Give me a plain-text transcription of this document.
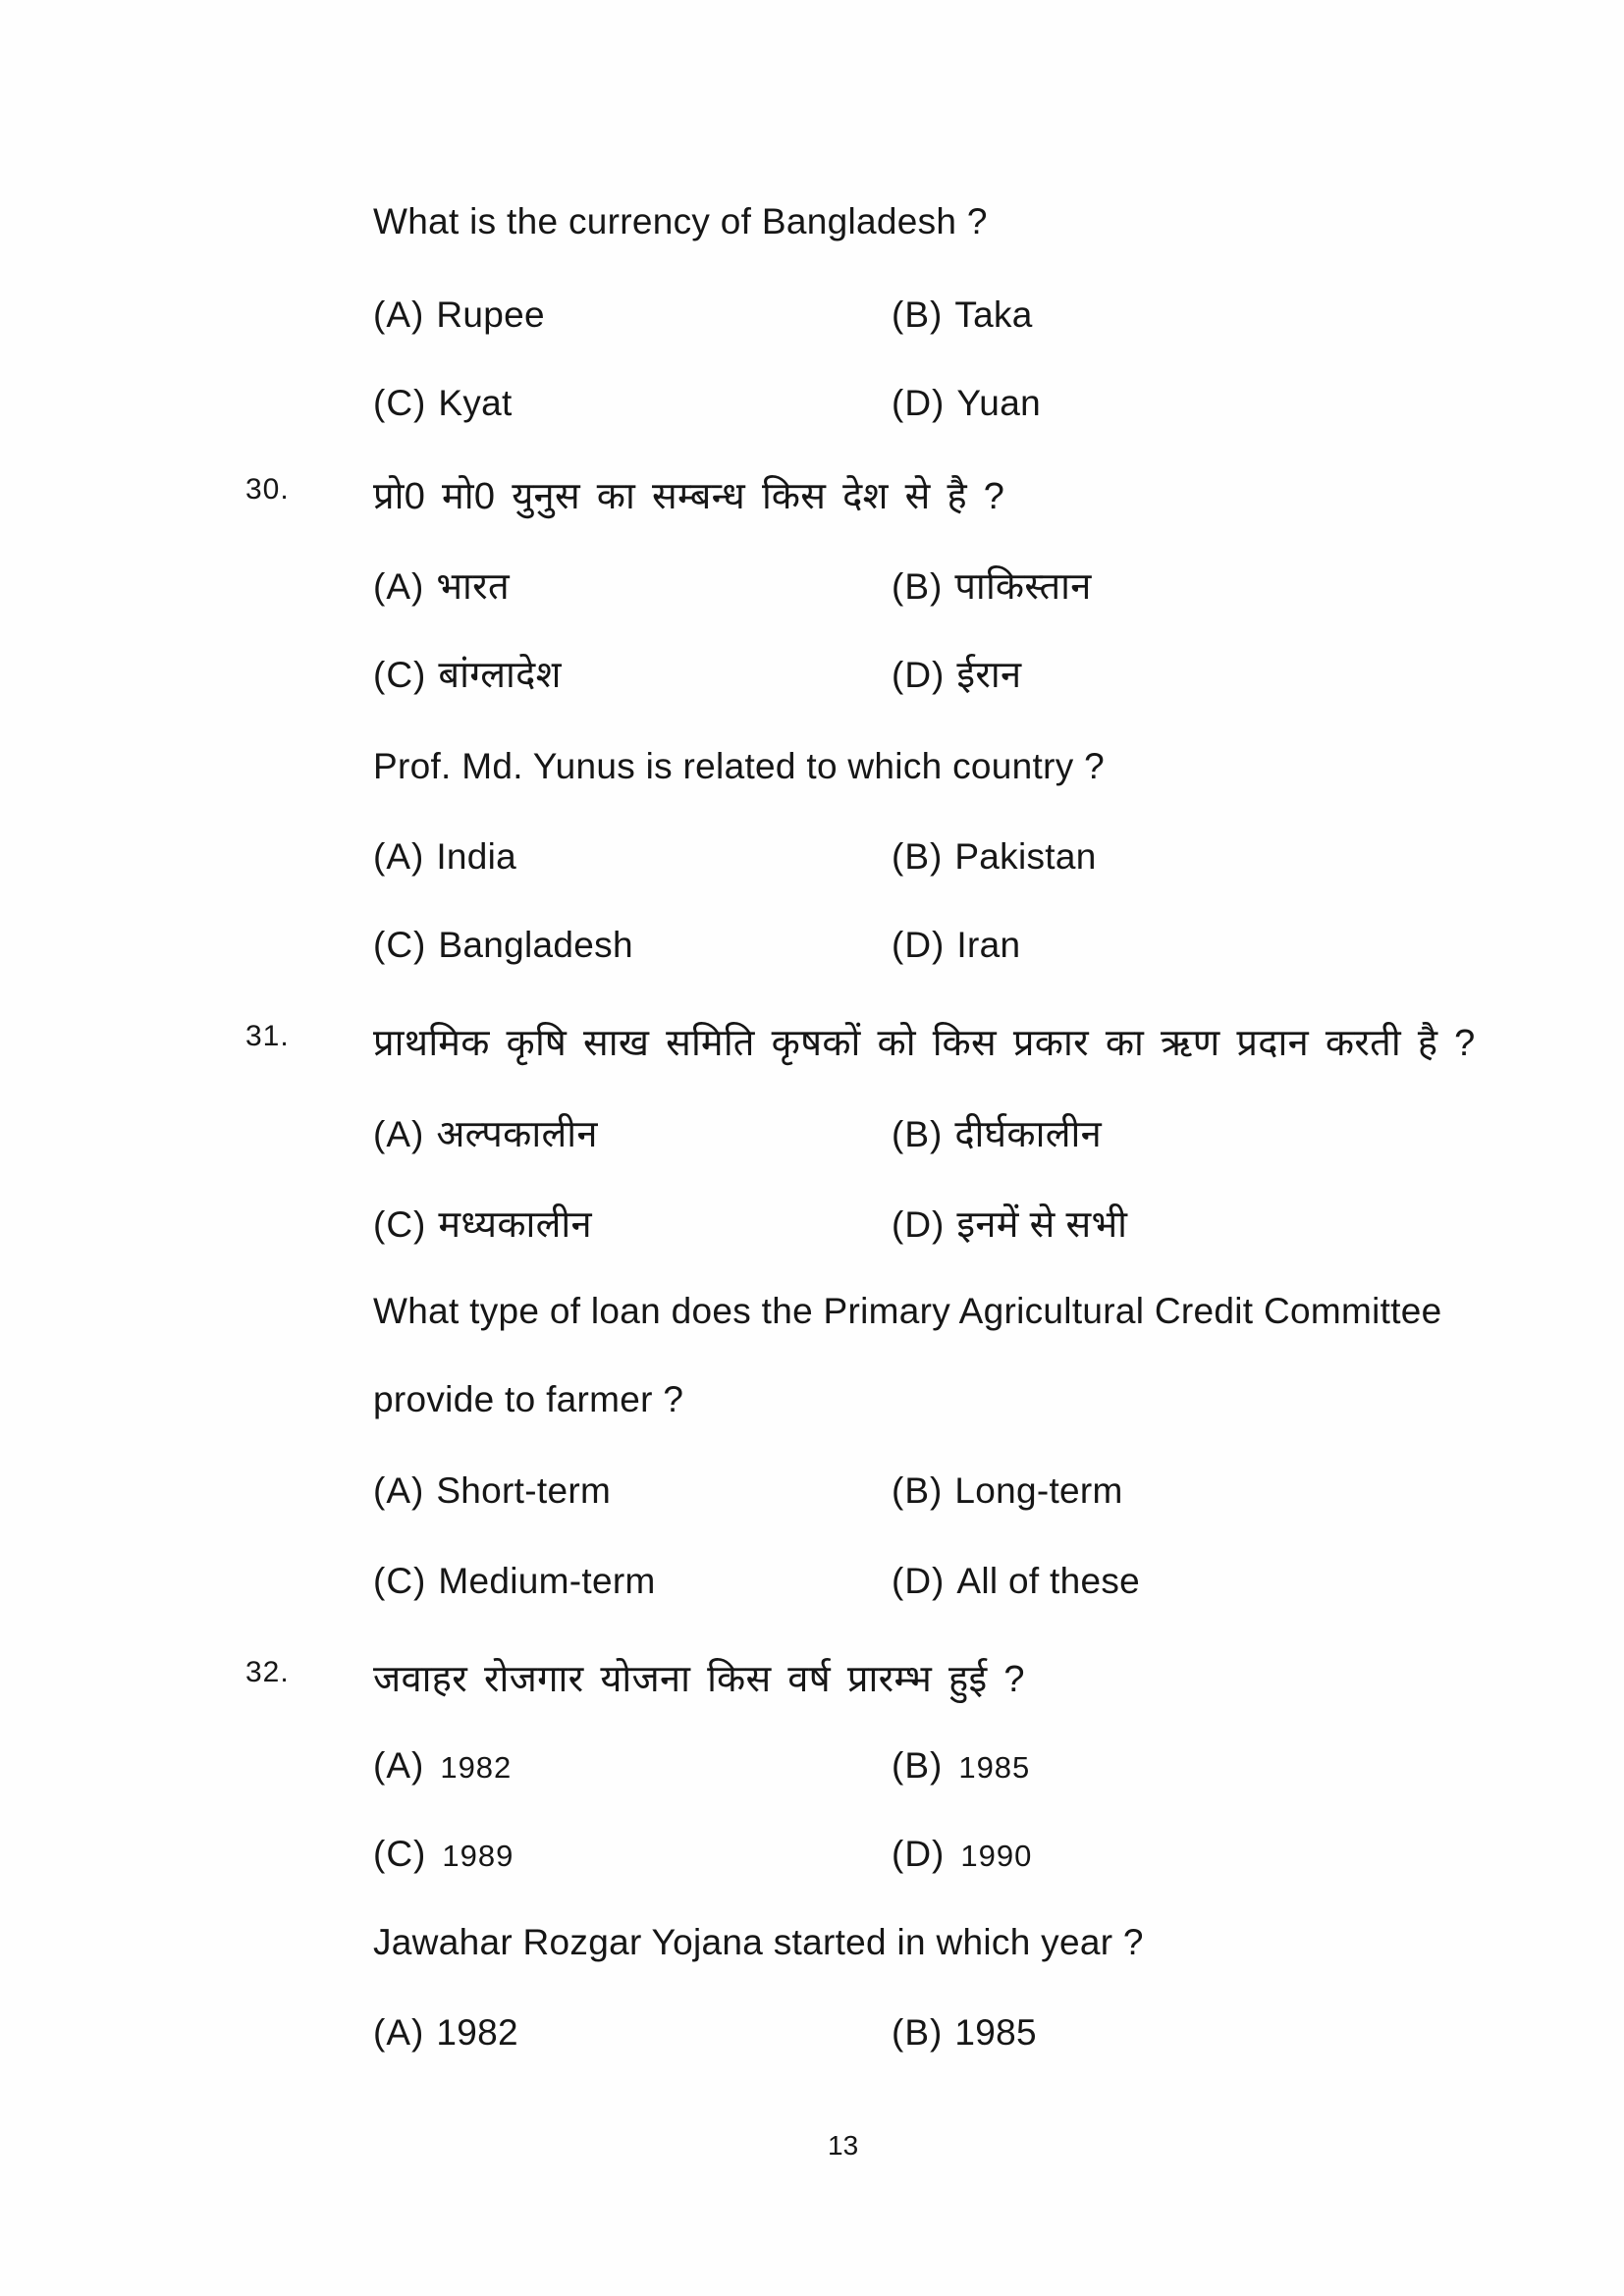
What is the currency of Bangladesh ?
(A) Rupee	(B) Taka
(C) Kyat	(D) Yuan
30. प्रो0 मो0 युनुस का सम्बन्ध किस देश से है ?
(A) भारत	(B) पाकिस्तान
(C) बांग्लादेश	(D) ईरान
Prof. Md. Yunus is related to which country ?
(A) India	(B) Pakistan
(C) Bangladesh	(D) Iran
31. प्राथमिक कृषि साख समिति कृषकों को किस प्रकार का ऋण प्रदान करती है ?
(A) अल्पकालीन	(B) दीर्घकालीन
(C) मध्यकालीन	(D) इनमें से सभी
What type of loan does the Primary Agricultural Credit Committee
provide to farmer ?
(A) Short-term	(B) Long-term
(C) Medium-term	(D) All of these
32. जवाहर रोजगार योजना किस वर्ष प्रारम्भ हुई ?
(A) 1982	(B) 1985
(C) 1989	(D) 1990
Jawahar Rozgar Yojana started in which year ?
(A) 1982	(B) 1985
13
